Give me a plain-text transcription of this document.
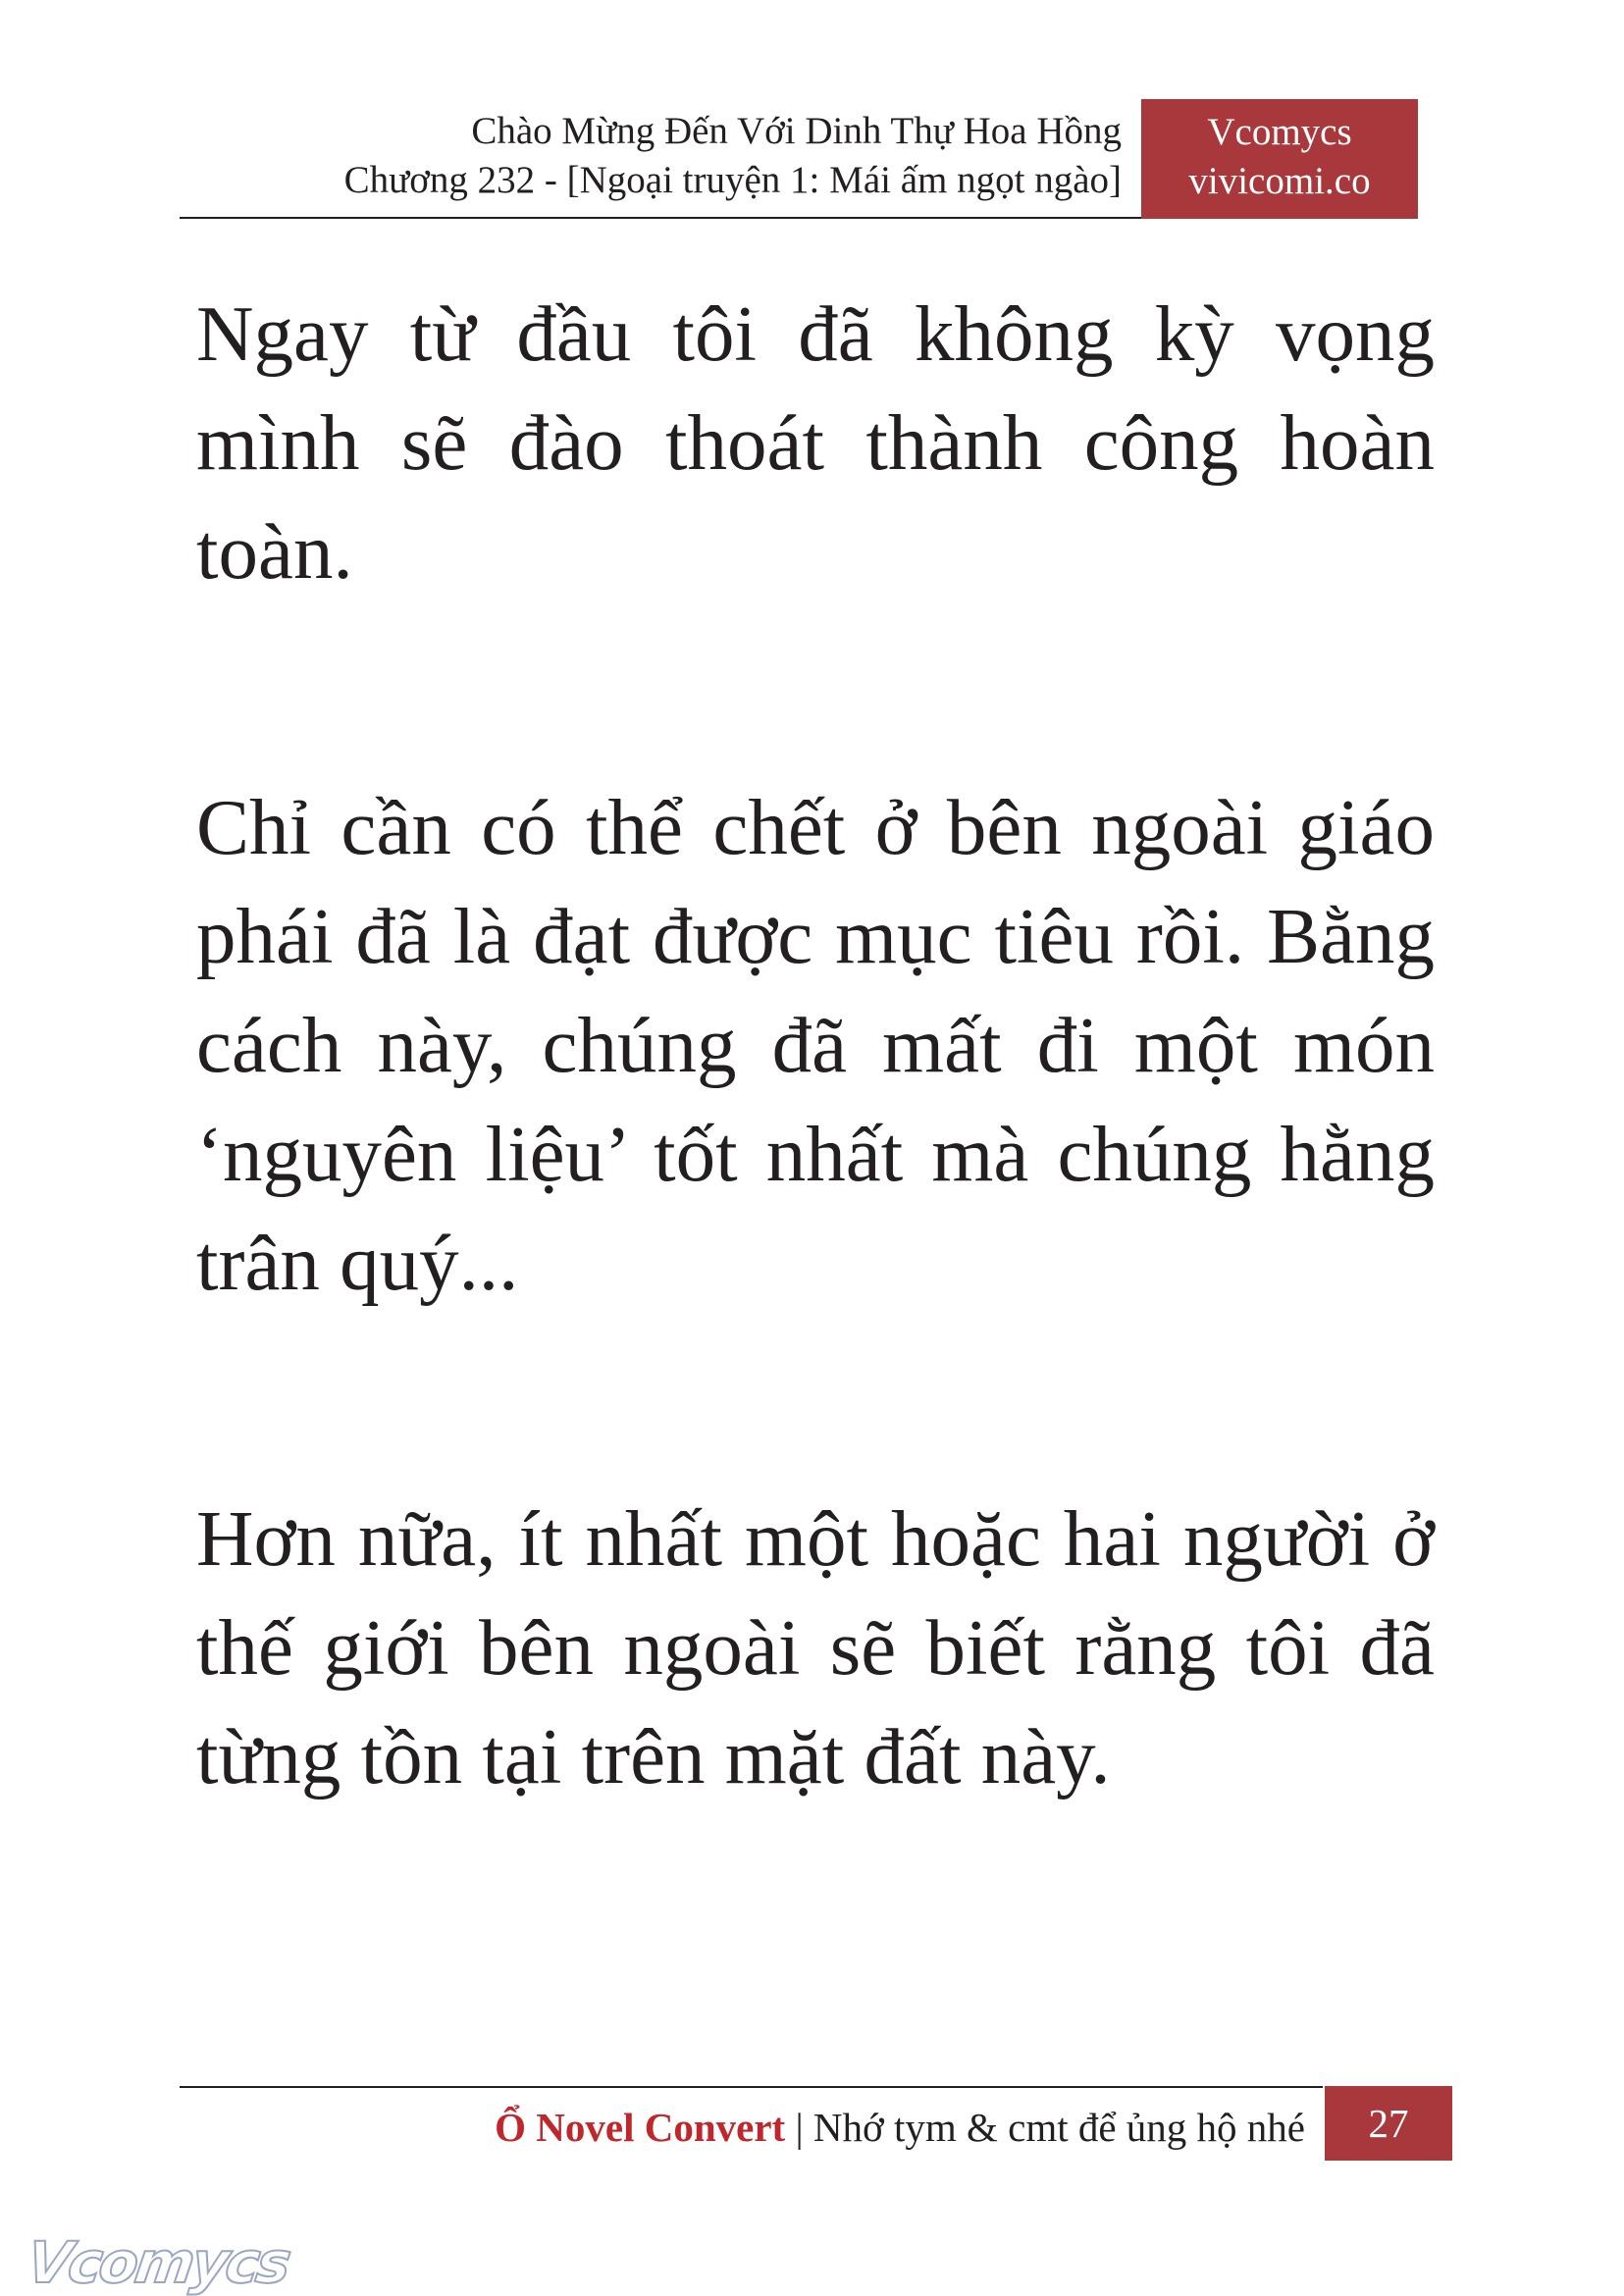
Chào Mừng Đến Với Dinh Thự Hoa Hồng
Chương 232 - [Ngoại truyện 1: Mái ấm ngọt ngào]
Vcomycs
vivicomi.co

Ngay từ đầu tôi đã không kỳ vọng mình sẽ đào thoát thành công hoàn toàn.

Chỉ cần có thể chết ở bên ngoài giáo phái đã là đạt được mục tiêu rồi. Bằng cách này, chúng đã mất đi một món ‘nguyên liệu’ tốt nhất mà chúng hằng trân quý...

Hơn nữa, ít nhất một hoặc hai người ở thế giới bên ngoài sẽ biết rằng tôi đã từng tồn tại trên mặt đất này.

Ổ Novel Convert | Nhớ tym & cmt để ủng hộ nhé	27
Vcomycs
